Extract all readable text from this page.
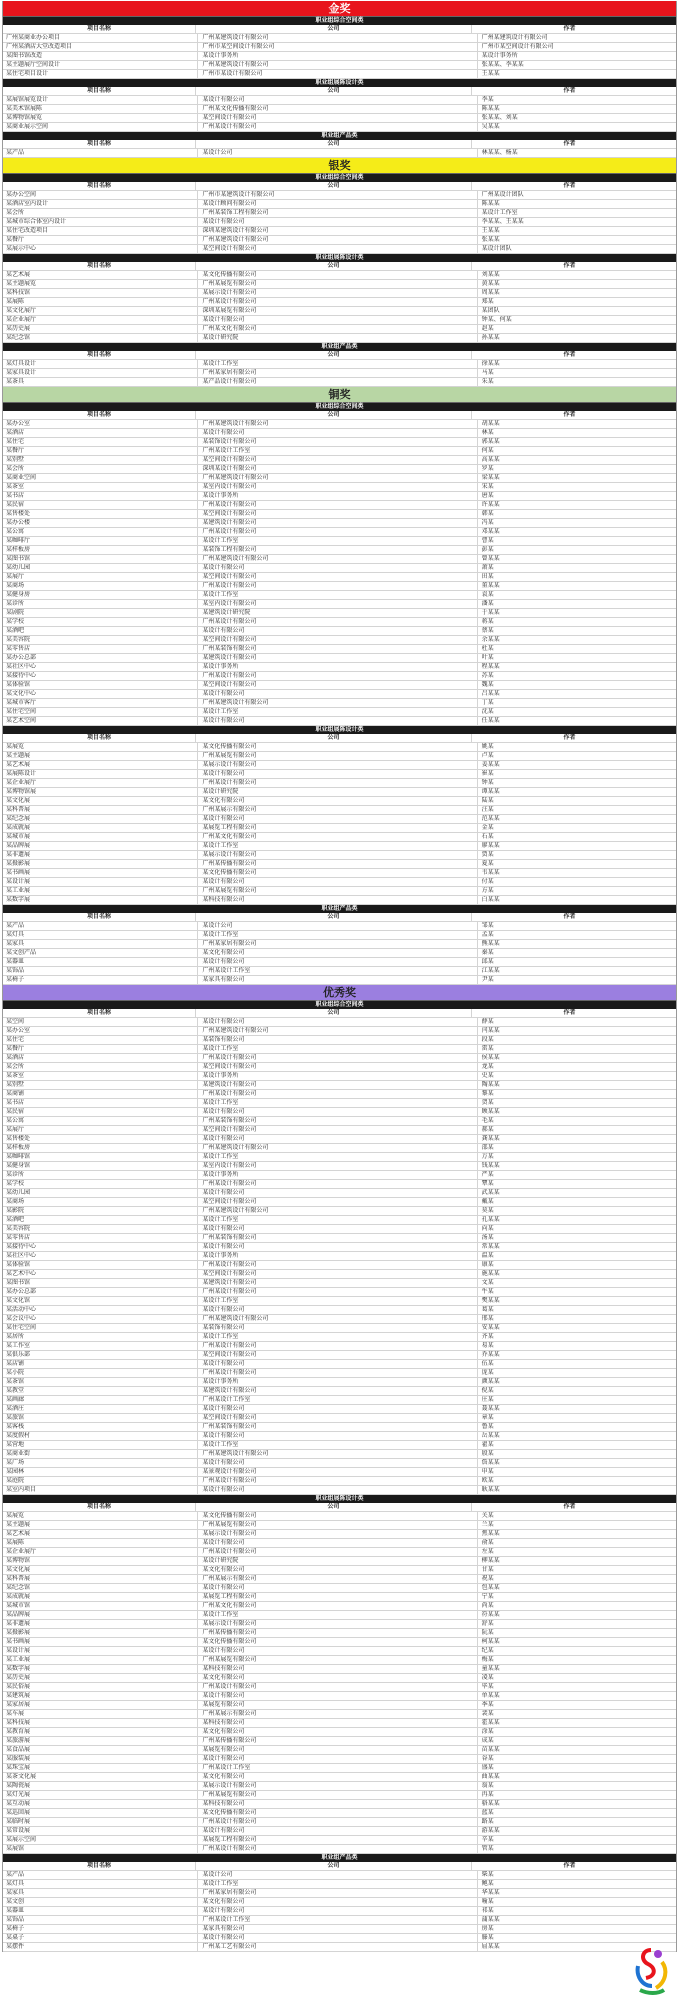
金奖
职业组综合空间类
项目名称	公司	作者
广州某商业办公项目	广州某建筑设计有限公司	广州某建筑设计有限公司
广州某酒店大堂改造项目	广州市某空间设计有限公司	广州市某空间设计有限公司
某图书馆改造	某设计事务所	某设计事务所
某主题展厅空间设计	广州某建筑设计有限公司	张某某、李某某
某住宅项目设计	广州市某设计有限公司	王某某
职业组展陈设计类
项目名称	公司	作者
某展馆展览设计	某设计有限公司	李某
某美术馆展陈	广州某文化传播有限公司	陈某某
某博物馆展览	某空间设计有限公司	张某某、刘某
某商业展示空间	广州某设计有限公司	吴某某
职业组产品类
项目名称	公司	作者
某产品	某设计公司	林某某、杨某
银奖
职业组综合空间类
项目名称	公司	作者
某办公空间	广州市某建筑设计有限公司	广州某设计团队
某酒店室内设计	某设计顾问有限公司	陈某某
某会所	广州某装饰工程有限公司	某设计工作室
某城市综合体室内设计	某设计有限公司	李某某、王某某
某住宅改造项目	深圳某建筑设计有限公司	王某某
某餐厅	广州某建筑设计有限公司	张某某
某展示中心	某空间设计有限公司	某设计团队
职业组展陈设计类
项目名称	公司	作者
某艺术展	某文化传播有限公司	刘某某
某主题展览	广州某展览有限公司	黄某某
某科技馆	某展示设计有限公司	周某某
某展陈	广州某设计有限公司	郑某
某文化展厅	深圳某展览有限公司	某团队
某企业展厅	某设计有限公司	钟某、何某
某历史展	广州某文化有限公司	赵某
某纪念馆	某设计研究院	孙某某
职业组产品类
项目名称	公司	作者
某灯具设计	某设计工作室	徐某某
某家具设计	广州某家居有限公司	马某
某茶具	某产品设计有限公司	朱某
铜奖
职业组综合空间类
项目名称	公司	作者
某办公室	广州某建筑设计有限公司	胡某某
某酒店	某设计有限公司	林某
某住宅	某装饰设计有限公司	郭某某
某餐厅	广州某设计工作室	何某
某别墅	某空间设计有限公司	高某某
某会所	深圳某设计有限公司	罗某
某商业空间	广州某建筑设计有限公司	梁某某
某茶室	某室内设计有限公司	宋某
某书店	某设计事务所	唐某
某民宿	广州某设计有限公司	许某某
某售楼处	某空间设计有限公司	韩某
某办公楼	某建筑设计有限公司	冯某
某公寓	广州某设计有限公司	邓某某
某咖啡厅	某设计工作室	曹某
某样板房	某装饰工程有限公司	彭某
某图书馆	广州某建筑设计有限公司	曾某某
某幼儿园	某设计有限公司	萧某
某展厅	某空间设计有限公司	田某
某商场	广州某设计有限公司	董某某
某健身房	某设计工作室	袁某
某诊所	某室内设计有限公司	潘某
某剧院	某建筑设计研究院	于某某
某学校	广州某设计有限公司	蒋某
某酒吧	某设计有限公司	蔡某
某美容院	某空间设计有限公司	余某某
某零售店	广州某装饰有限公司	杜某
某办公总部	某建筑设计有限公司	叶某
某社区中心	某设计事务所	程某某
某接待中心	广州某设计有限公司	苏某
某体验馆	某空间设计有限公司	魏某
某文化中心	某设计有限公司	吕某某
某城市客厅	广州某建筑设计有限公司	丁某
某住宅空间	某设计工作室	沈某
某艺术空间	某设计有限公司	任某某
职业组展陈设计类
项目名称	公司	作者
某展览	某文化传播有限公司	姚某
某主题展	广州某展览有限公司	卢某
某艺术展	某展示设计有限公司	姜某某
某展陈设计	某设计有限公司	崔某
某企业展厅	广州某设计有限公司	钟某
某博物馆展	某设计研究院	谭某某
某文化展	某文化有限公司	陆某
某科普展	广州某展示有限公司	汪某
某纪念展	某设计有限公司	范某某
某成就展	某展览工程有限公司	金某
某城市展	广州某文化有限公司	石某
某品牌展	某设计工作室	廖某某
某非遗展	某展示设计有限公司	贾某
某摄影展	广州某传播有限公司	夏某
某书画展	某文化传播有限公司	韦某某
某设计展	某设计有限公司	付某
某工业展	广州某展览有限公司	方某
某数字展	某科技有限公司	白某某
职业组产品类
项目名称	公司	作者
某产品	某设计公司	邹某
某灯具	某设计工作室	孟某
某家具	广州某家居有限公司	熊某某
某文创产品	某文化有限公司	秦某
某器皿	某设计有限公司	邱某
某饰品	广州某设计工作室	江某某
某椅子	某家具有限公司	尹某
优秀奖
职业组综合空间类
项目名称	公司	作者
某空间	某设计有限公司	薛某
某办公室	广州某建筑设计有限公司	闫某某
某住宅	某装饰有限公司	段某
某餐厅	某设计工作室	雷某
某酒店	广州某设计有限公司	侯某某
某会所	某空间设计有限公司	龙某
某茶室	某设计事务所	史某
某别墅	某建筑设计有限公司	陶某某
某商铺	广州某设计有限公司	黎某
某书店	某设计工作室	贺某
某民宿	某设计有限公司	顾某某
某公寓	广州某装饰有限公司	毛某
某展厅	某空间设计有限公司	郝某
某售楼处	某设计有限公司	龚某某
某样板房	广州某建筑设计有限公司	邵某
某咖啡馆	某设计工作室	万某
某健身馆	某室内设计有限公司	钱某某
某诊所	某设计事务所	严某
某学校	广州某设计有限公司	覃某
某幼儿园	某设计有限公司	武某某
某商场	某空间设计有限公司	戴某
某影院	广州某建筑设计有限公司	莫某
某酒吧	某设计工作室	孔某某
某美容院	某设计有限公司	向某
某零售店	广州某装饰有限公司	汤某
某接待中心	某设计有限公司	常某某
某社区中心	某设计事务所	温某
某体验馆	广州某设计有限公司	康某
某艺术中心	某空间设计有限公司	施某某
某图书馆	某建筑设计有限公司	文某
某办公总部	广州某设计有限公司	牛某
某文化馆	某设计工作室	樊某某
某活动中心	某设计有限公司	葛某
某会议中心	广州某建筑设计有限公司	邢某
某住宅空间	某装饰有限公司	安某某
某居所	某设计工作室	齐某
某工作室	广州某设计有限公司	易某
某俱乐部	某空间设计有限公司	乔某某
某店铺	某设计有限公司	伍某
某小院	广州某设计有限公司	庞某
某茶馆	某设计事务所	颜某某
某教堂	某建筑设计有限公司	倪某
某画廊	广州某设计工作室	庄某
某酒庄	某设计有限公司	聂某某
某旅馆	某空间设计有限公司	章某
某客栈	广州某装饰有限公司	鲁某
某度假村	某设计有限公司	岳某某
某营地	某设计工作室	翟某
某商业街	广州某建筑设计有限公司	殷某
某广场	某设计有限公司	詹某某
某园林	某景观设计有限公司	申某
某庭院	广州某设计有限公司	欧某
某室内项目	某设计有限公司	耿某某
职业组展陈设计类
项目名称	公司	作者
某展览	某文化传播有限公司	关某
某主题展	广州某展览有限公司	兰某
某艺术展	某展示设计有限公司	焦某某
某展陈	某设计有限公司	俞某
某企业展厅	广州某设计有限公司	左某
某博物馆	某设计研究院	柳某某
某文化展	某文化有限公司	甘某
某科普展	广州某展示有限公司	祝某
某纪念馆	某设计有限公司	包某某
某成就展	某展览工程有限公司	宁某
某城市馆	广州某文化有限公司	尚某
某品牌展	某设计工作室	符某某
某非遗展	某展示设计有限公司	舒某
某摄影展	广州某传播有限公司	阮某
某书画展	某文化传播有限公司	柯某某
某设计展	某设计有限公司	纪某
某工业展	广州某展览有限公司	梅某
某数字展	某科技有限公司	童某某
某历史展	某文化有限公司	凌某
某民俗展	广州某设计有限公司	毕某
某建筑展	某设计有限公司	单某某
某家居展	某展览有限公司	季某
某车展	广州某展示有限公司	裴某
某科技展	某科技有限公司	霍某某
某教育展	某文化有限公司	涂某
某旅游展	广州某传播有限公司	成某
某食品展	某展览有限公司	苗某某
某服装展	某设计有限公司	谷某
某珠宝展	广州某设计工作室	盛某
某茶文化展	某文化有限公司	曲某某
某陶瓷展	某展示设计有限公司	翁某
某灯光展	广州某展览有限公司	冉某
某互动展	某科技有限公司	骆某某
某巡回展	某文化传播有限公司	蓝某
某临时展	广州某设计有限公司	路某
某常设展	某设计有限公司	游某某
某展示空间	某展览工程有限公司	辛某
某展馆	广州某设计有限公司	管某
职业组产品类
项目名称	公司	作者
某产品	某设计公司	柴某
某灯具	某设计工作室	鲍某
某家具	广州某家居有限公司	华某某
某文创	某文化有限公司	喻某
某器皿	某设计有限公司	祁某
某饰品	广州某设计工作室	蒲某某
某椅子	某家具有限公司	房某
某桌子	某设计有限公司	滕某
某摆件	广州某工艺有限公司	屈某某
